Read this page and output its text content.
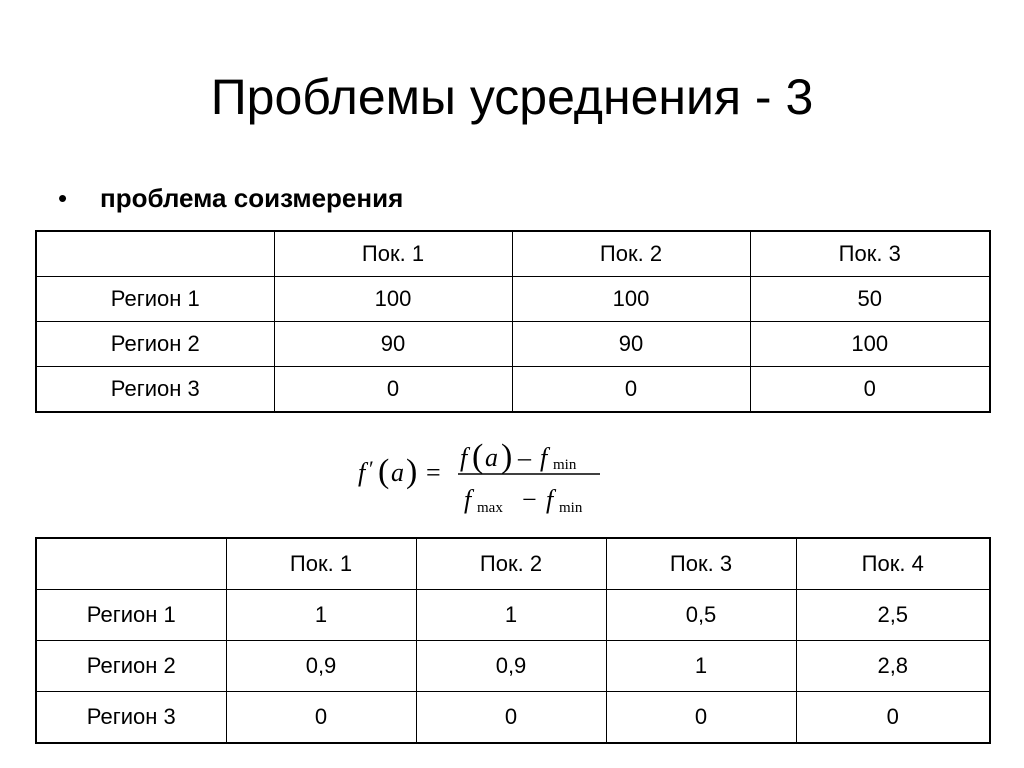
Проблемы усреднения - 3
•	проблема соизмерения
	Пок. 1	Пок. 2	Пок. 3
Регион 1	100	100	50
Регион 2	90	90	100
Регион 3	0	0	0
f ′ ( a ) =
f ( a ) – f min
f max − f min
	Пок. 1	Пок. 2	Пок. 3	Пок. 4
Регион 1	1	1	0,5	2,5
Регион 2	0,9	0,9	1	2,8
Регион 3	0	0	0	0
